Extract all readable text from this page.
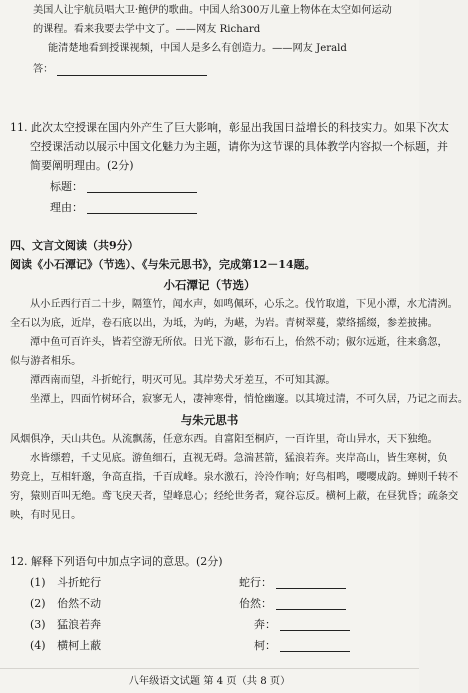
美国人让宇航员唱大卫·鲍伊的歌曲。中国人给300万儿童上物体在太空如何运动
的课程。看来我要去学中文了。——网友 Richard
能清楚地看到授课视频，中国人是多么有创造力。——网友 Jerald
答：
11. 此次太空授课在国内外产生了巨大影响，彰显出我国日益增长的科技实力。如果下次太
空授课活动以展示中国文化魅力为主题，请你为这节课的具体教学内容拟一个标题，并
简要阐明理由。(2分)
标题：
理由：
四、文言文阅读（共9分）
阅读《小石潭记》（节选）、《与朱元思书》，完成第12－14题。
小石潭记（节选）
从小丘西行百二十步，隔篁竹，闻水声，如鸣佩环，心乐之。伐竹取道，下见小潭，水尤清洌。
全石以为底，近岸，卷石底以出，为坻，为屿，为嵁，为岩。青树翠蔓，蒙络摇缀，参差披拂。
潭中鱼可百许头，皆若空游无所依。日光下澈，影布石上，佁然不动；俶尔远逝，往来翕忽，
似与游者相乐。
潭西南而望，斗折蛇行，明灭可见。其岸势犬牙差互，不可知其源。
坐潭上，四面竹树环合，寂寥无人，凄神寒骨，悄怆幽邃。以其境过清，不可久居，乃记之而去。
与朱元思书
风烟俱净，天山共色。从流飘荡，任意东西。自富阳至桐庐，一百许里，奇山异水，天下独绝。
水皆缥碧，千丈见底。游鱼细石，直视无碍。急湍甚箭，猛浪若奔。夹岸高山，皆生寒树，负
势竞上，互相轩邈，争高直指，千百成峰。泉水激石，泠泠作响；好鸟相鸣，嘤嘤成韵。蝉则千转不
穷，猿则百叫无绝。鸢飞戾天者，望峰息心；经纶世务者，窥谷忘反。横柯上蔽，在昼犹昏；疏条交
映，有时见日。
12. 解释下列语句中加点字词的意思。(2分)
(1) 斗折蛇行	蛇行：
(2) 佁然不动	佁然：
(3) 猛浪若奔	奔：
(4) 横柯上蔽	柯：
八年级语文试题 第 4 页（共 8 页）
